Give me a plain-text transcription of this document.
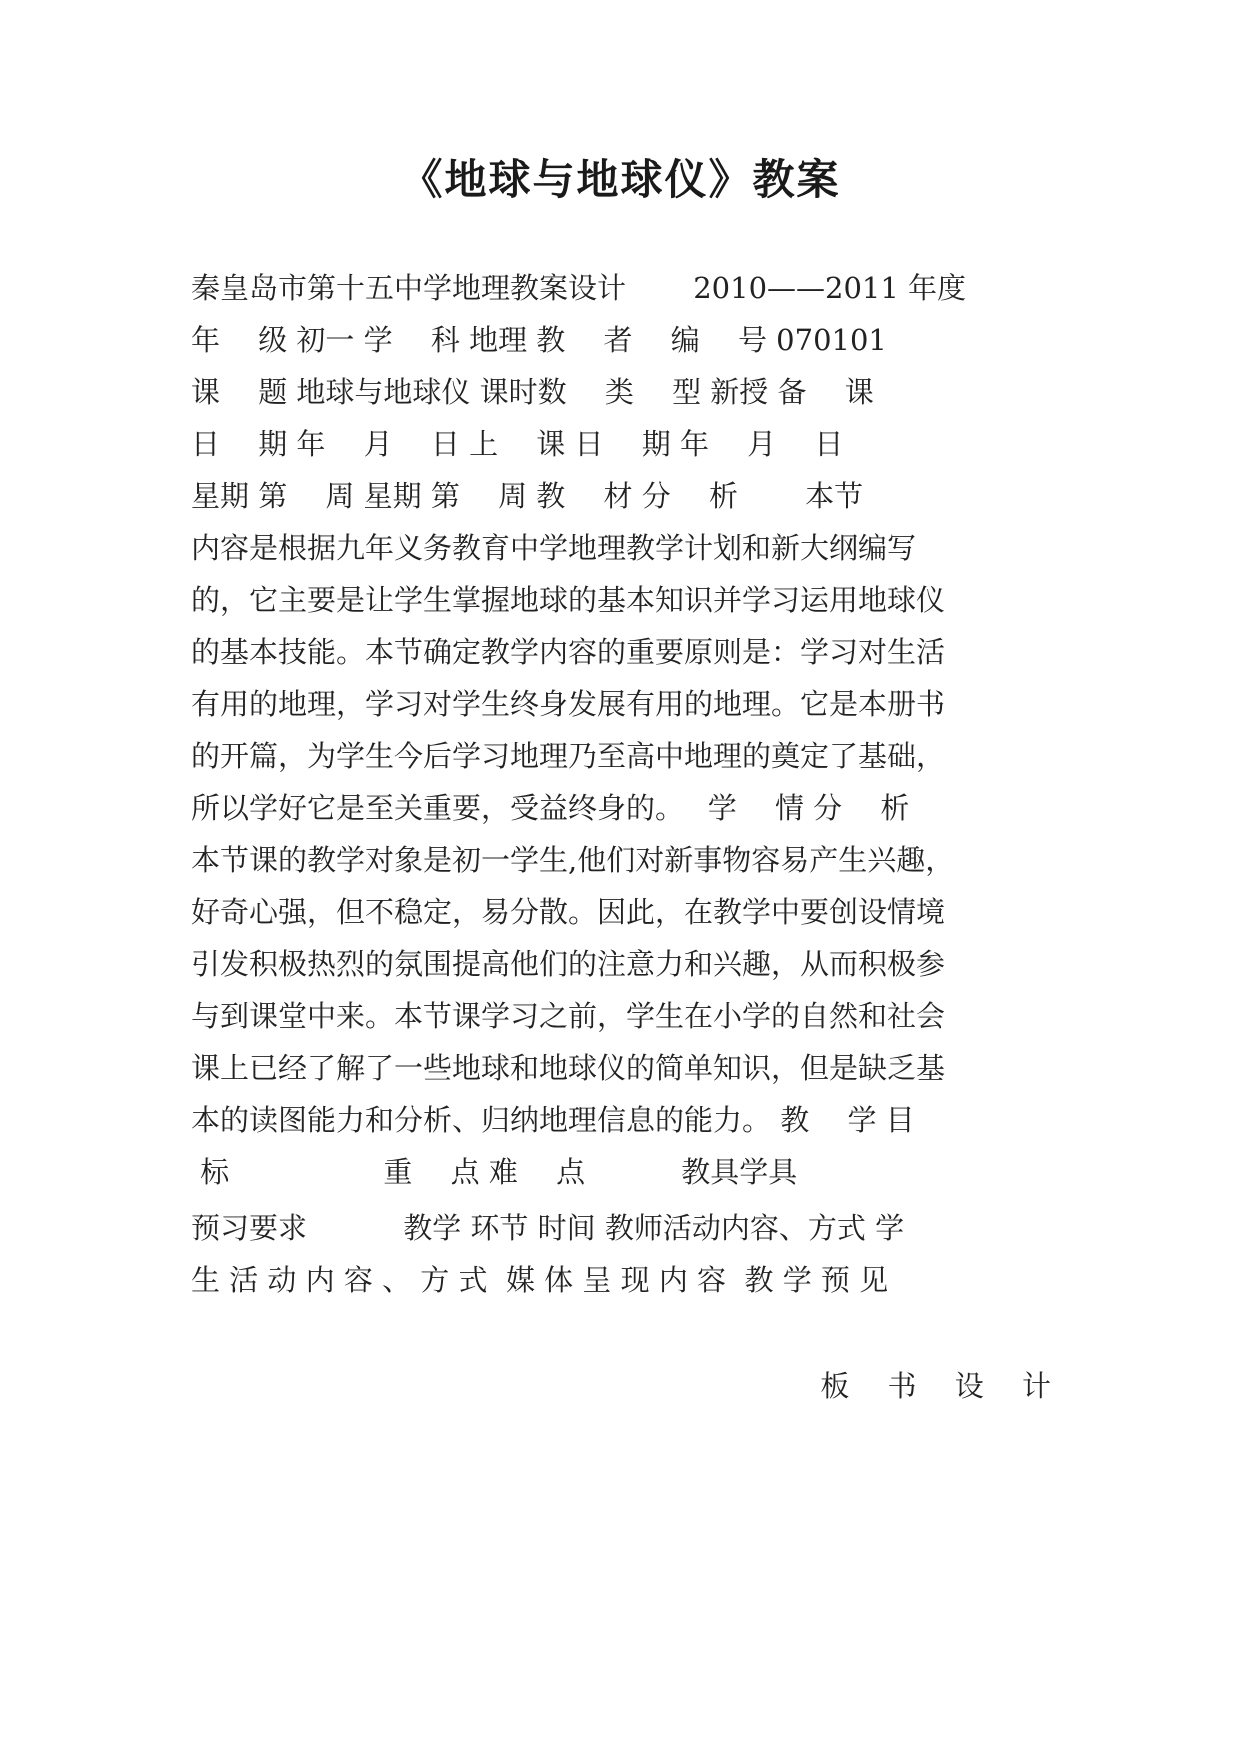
《地球与地球仪》教案

秦皇岛市第十五中学地理教案设计　　 2010——2011 年度

年　 级 初一 学　 科 地理 教　 者　 编　 号 070101

课　 题 地球与地球仪 课时数　 类　 型 新授 备　 课

日　 期 年　 月　 日 上　 课 日　 期 年　 月　 日

星期 第　 周 星期 第　 周 教　 材 分　 析　　 本节

内容是根据九年义务教育中学地理教学计划和新大纲编写

的，它主要是让学生掌握地球的基本知识并学习运用地球仪

的基本技能。本节确定教学内容的重要原则是：学习对生活

有用的地理，学习对学生终身发展有用的地理。它是本册书

的开篇，为学生今后学习地理乃至高中地理的奠定了基础，

所以学好它是至关重要，受益终身的。　 学　 情 分　 析

本节课的教学对象是初一学生,他们对新事物容易产生兴趣，

好奇心强，但不稳定，易分散。因此，在教学中要创设情境

引发积极热烈的氛围提高他们的注意力和兴趣，从而积极参

与到课堂中来。本节课学习之前，学生在小学的自然和社会

课上已经了解了一些地球和地球仪的简单知识，但是缺乏基

本的读图能力和分析、归纳地理信息的能力。 教　 学 目

标　　　　　 重　 点 难　 点　　　 教具学具

预习要求　　　 教学 环节 时间 教师活动内容、方式 学

生 活 动 内 容 、 方 式  媒 体 呈 现 内 容  教 学 预 见

板　 书　 设　 计
